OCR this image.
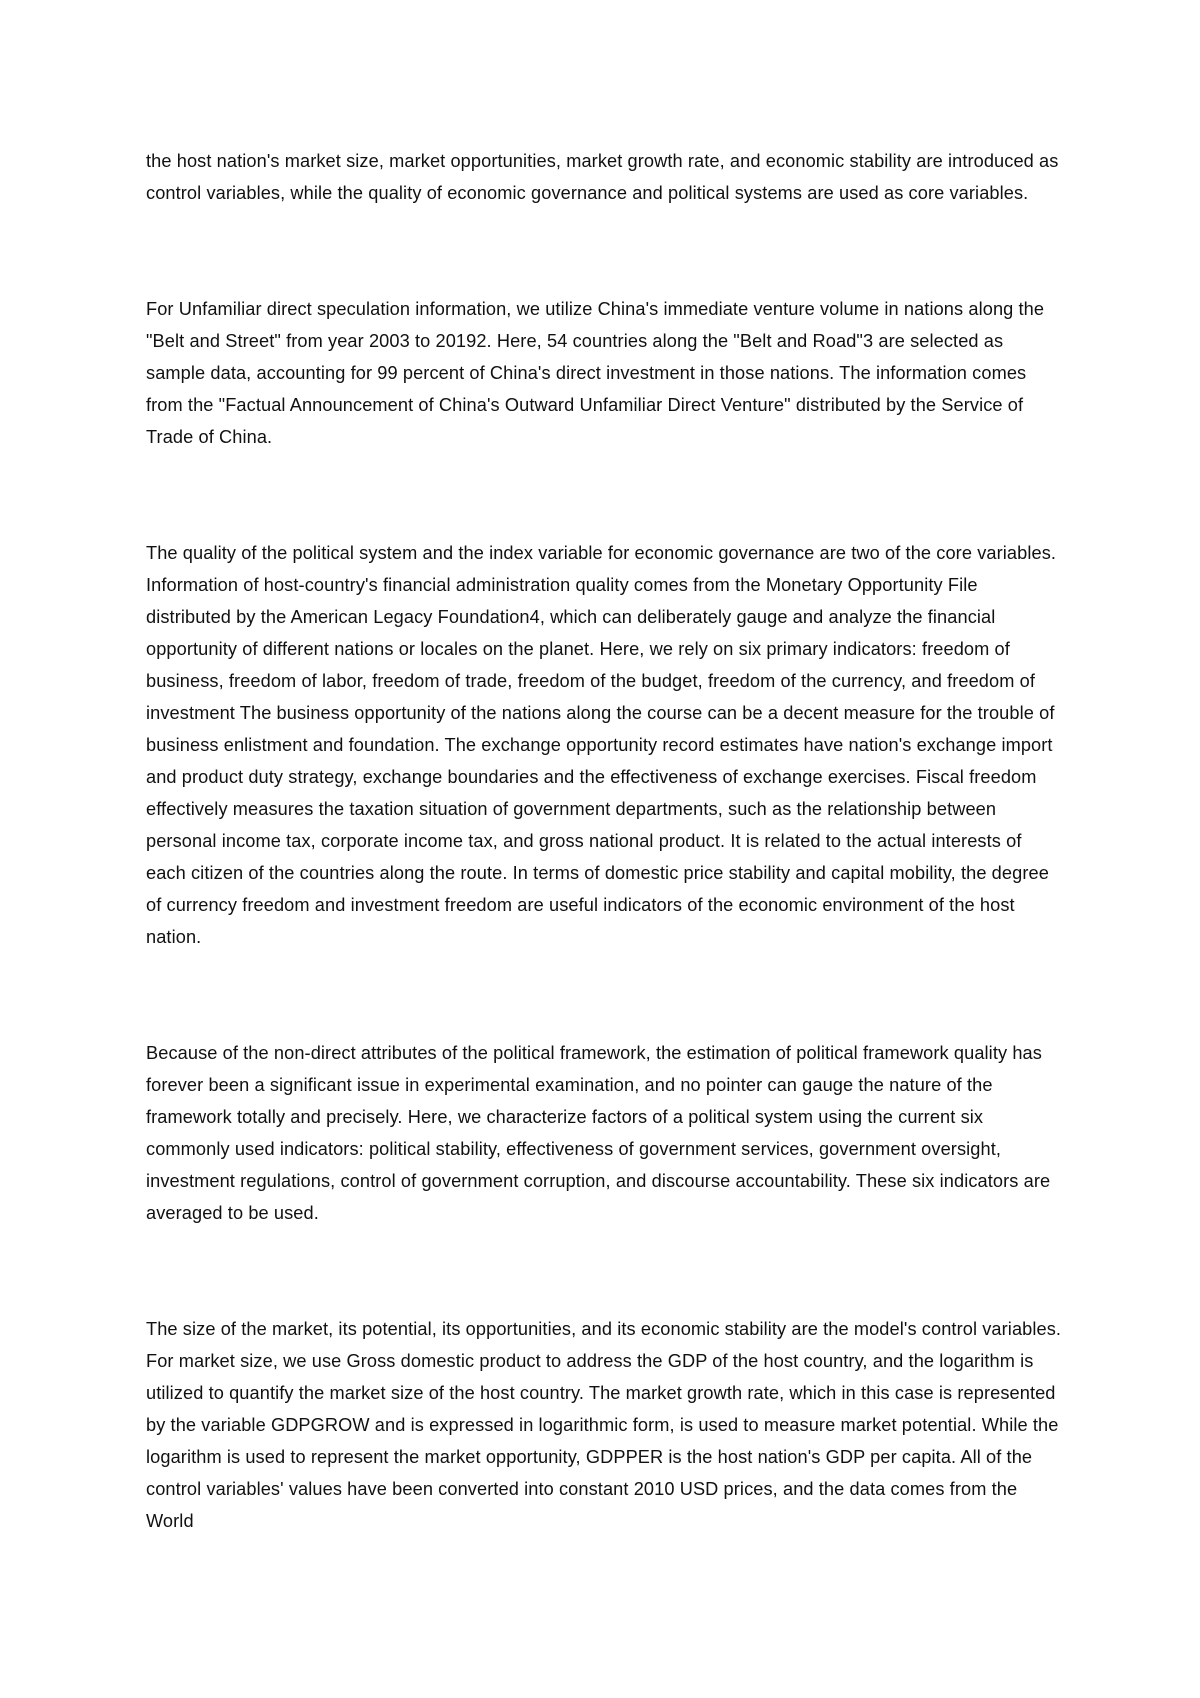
the host nation's market size, market opportunities, market growth rate, and economic stability are introduced as control variables, while the quality of economic governance and political systems are used as core variables.

For Unfamiliar direct speculation information, we utilize China's immediate venture volume in nations along the "Belt and Street" from year 2003 to 20192. Here, 54 countries along the "Belt and Road"3 are selected as sample data, accounting for 99 percent of China's direct investment in those nations. The information comes from the "Factual Announcement of China's Outward Unfamiliar Direct Venture" distributed by the Service of Trade of China.

The quality of the political system and the index variable for economic governance are two of the core variables. Information of host-country's financial administration quality comes from the Monetary Opportunity File distributed by the American Legacy Foundation4, which can deliberately gauge and analyze the financial opportunity of different nations or locales on the planet. Here, we rely on six primary indicators: freedom of business, freedom of labor, freedom of trade, freedom of the budget, freedom of the currency, and freedom of investment The business opportunity of the nations along the course can be a decent measure for the trouble of business enlistment and foundation. The exchange opportunity record estimates have nation's exchange import and product duty strategy, exchange boundaries and the effectiveness of exchange exercises. Fiscal freedom effectively measures the taxation situation of government departments, such as the relationship between personal income tax, corporate income tax, and gross national product. It is related to the actual interests of each citizen of the countries along the route. In terms of domestic price stability and capital mobility, the degree of currency freedom and investment freedom are useful indicators of the economic environment of the host nation.

Because of the non-direct attributes of the political framework, the estimation of political framework quality has forever been a significant issue in experimental examination, and no pointer can gauge the nature of the framework totally and precisely. Here, we characterize factors of a political system using the current six commonly used indicators: political stability, effectiveness of government services, government oversight, investment regulations, control of government corruption, and discourse accountability. These six indicators are averaged to be used.

The size of the market, its potential, its opportunities, and its economic stability are the model's control variables. For market size, we use Gross domestic product to address the GDP of the host country, and the logarithm is utilized to quantify the market size of the host country. The market growth rate, which in this case is represented by the variable GDPGROW and is expressed in logarithmic form, is used to measure market potential. While the logarithm is used to represent the market opportunity, GDPPER is the host nation's GDP per capita. All of the control variables' values have been converted into constant 2010 USD prices, and the data comes from the World
